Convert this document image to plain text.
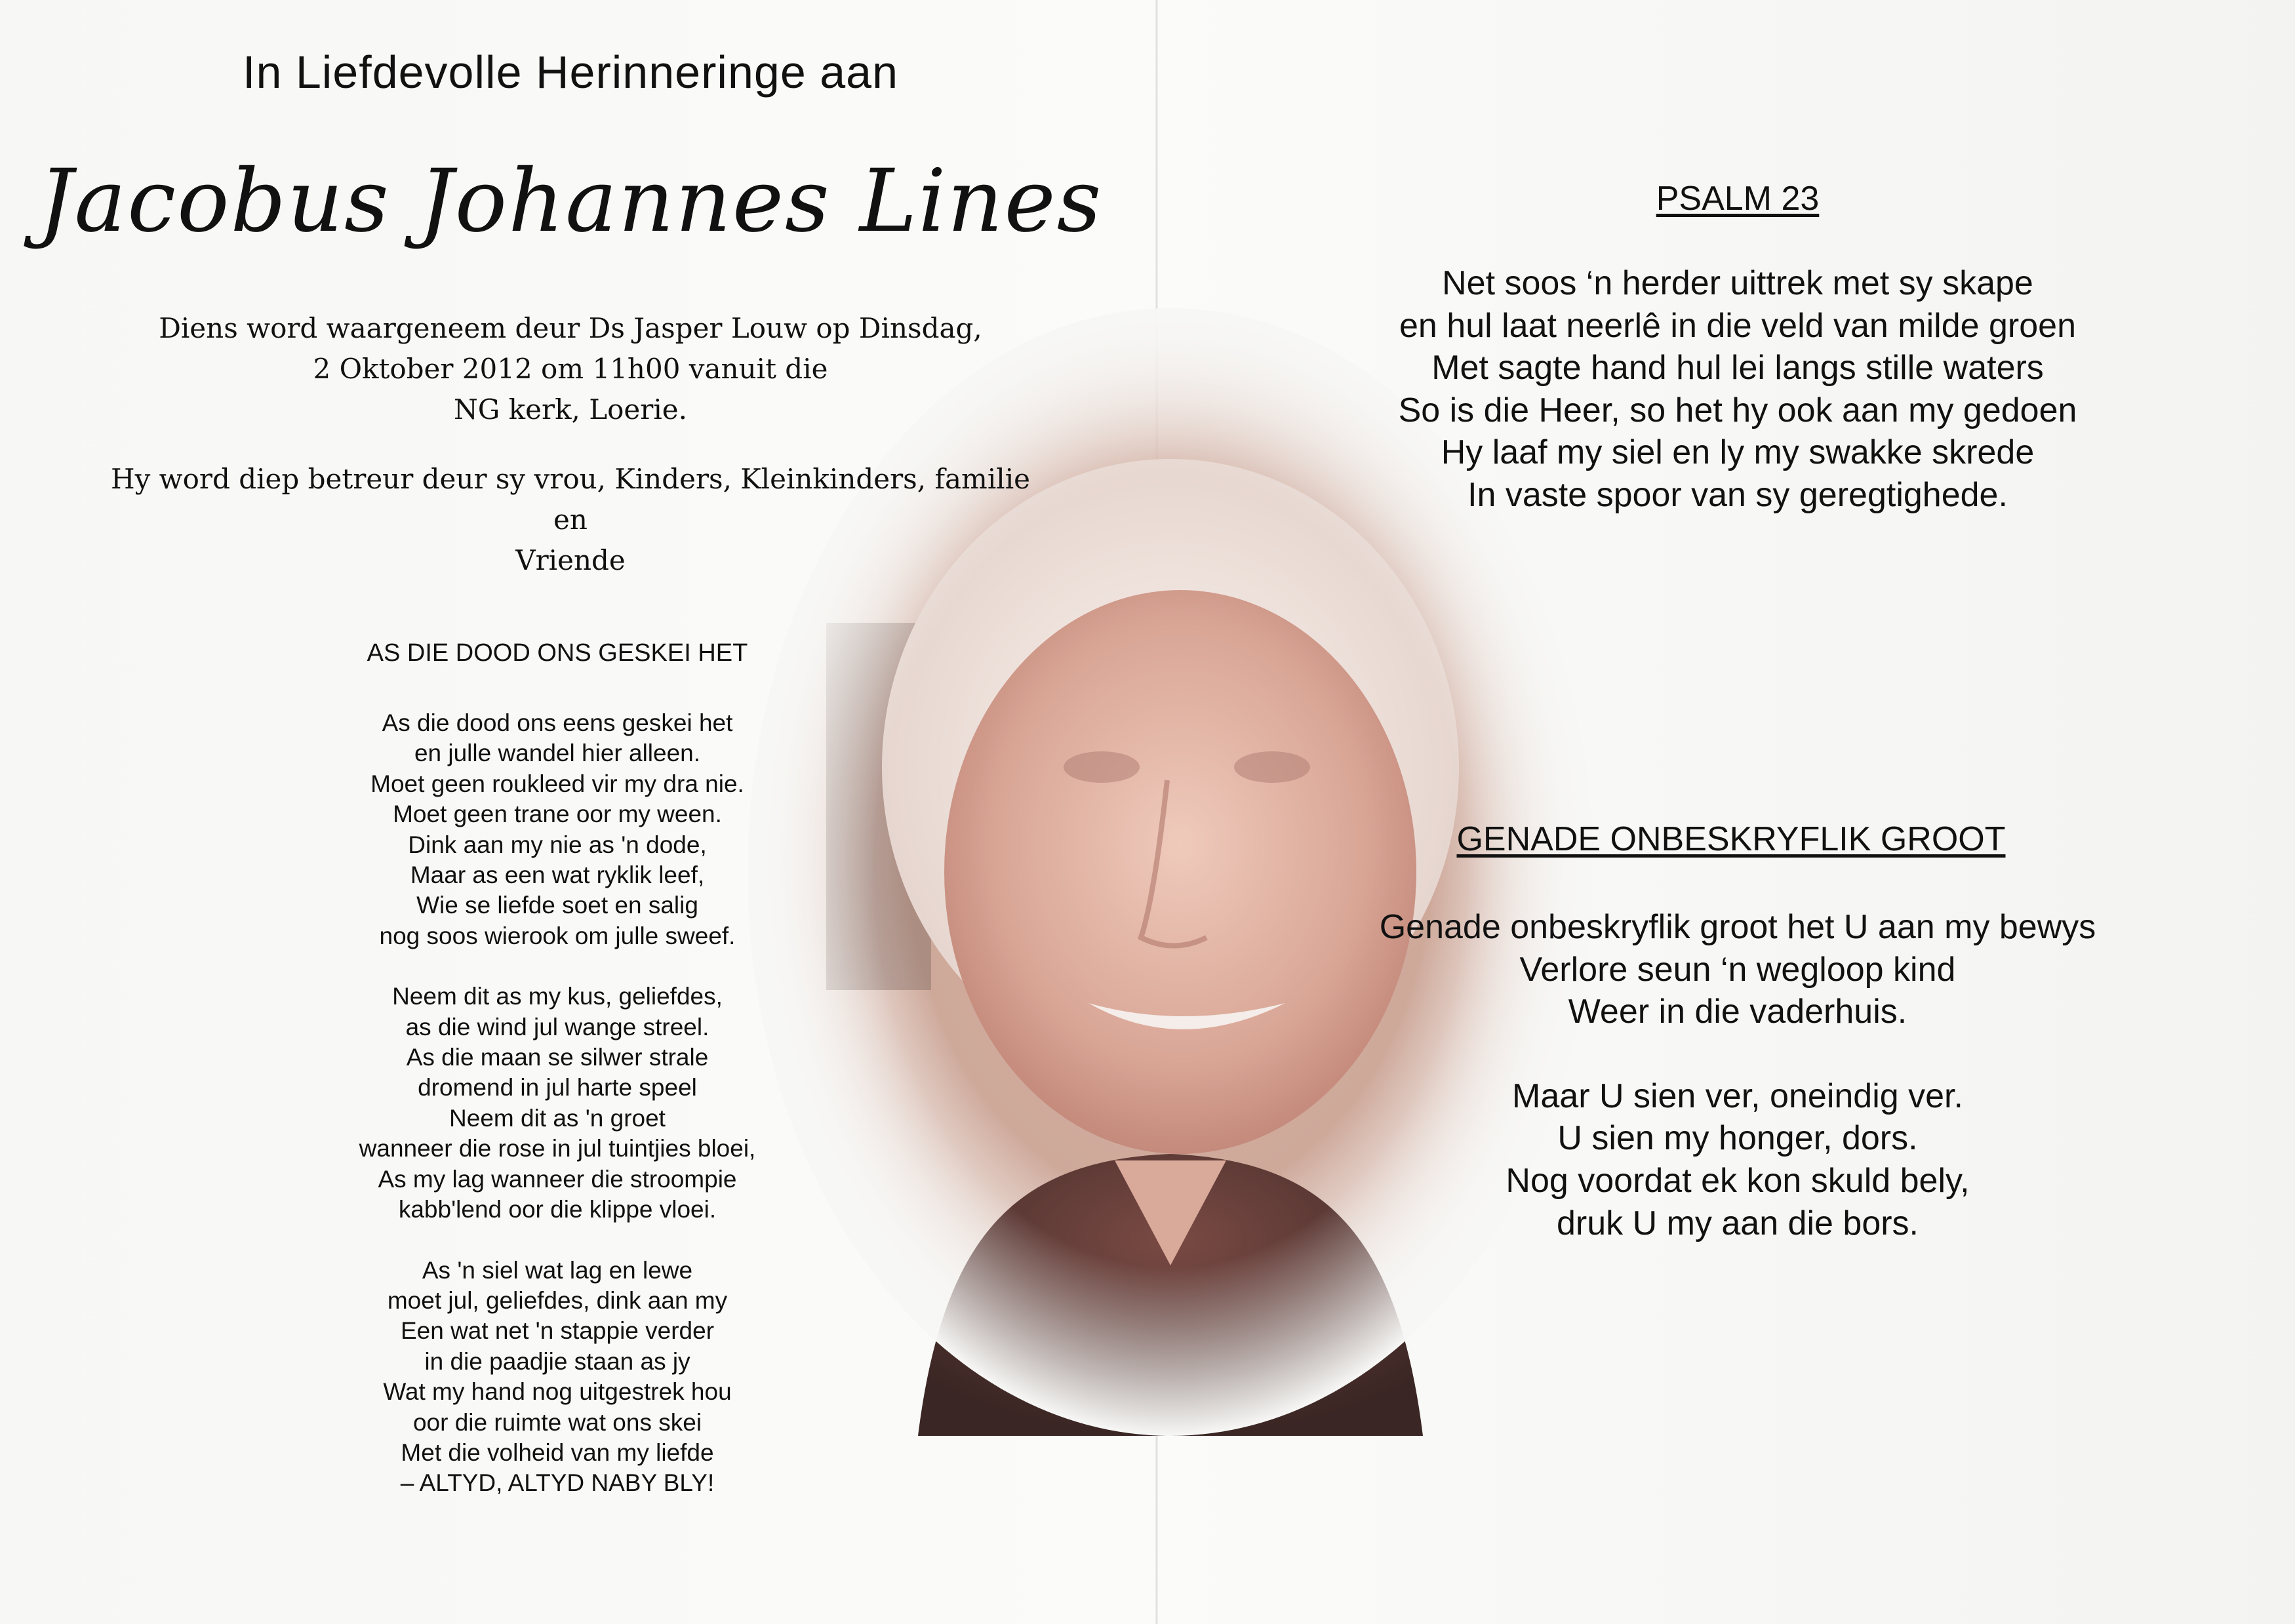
In Liefdevolle Herinneringe aan
Jacobus Johannes Lines
Diens word waargeneem deur Ds Jasper Louw op Dinsdag,
2 Oktober 2012 om 11h00 vanuit die
NG kerk, Loerie.
Hy word diep betreur deur sy vrou, Kinders, Kleinkinders, familie en
Vriende
AS DIE DOOD ONS GESKEI HET
As die dood ons eens geskei het
en julle wandel hier alleen.
Moet geen roukleed vir my dra nie.
Moet geen trane oor my ween.
Dink aan my nie as 'n dode,
Maar as een wat ryklik leef,
Wie se liefde soet en salig
nog soos wierook om julle sweef.
Neem dit as my kus, geliefdes,
as die wind jul wange streel.
As die maan se silwer strale
dromend in jul harte speel
Neem dit as 'n groet
wanneer die rose in jul tuintjies bloei,
As my lag wanneer die stroompie
kabb'lend oor die klippe vloei.
As 'n siel wat lag en lewe
moet jul, geliefdes, dink aan my
Een wat net 'n stappie verder
in die paadjie staan as jy
Wat my hand nog uitgestrek hou
oor die ruimte wat ons skei
Met die volheid van my liefde
– ALTYD, ALTYD NABY BLY!
PSALM 23
Net soos ‘n herder uittrek met sy skape
en hul laat neerlê in die veld van milde groen
Met sagte hand hul lei langs stille waters
So is die Heer, so het hy ook aan my gedoen
Hy laaf my siel en ly my swakke skrede
In vaste spoor van sy geregtighede.
GENADE ONBESKRYFLIK GROOT
Genade onbeskryflik groot het U aan my bewys
Verlore seun ‘n wegloop kind
Weer in die vaderhuis.
Maar U sien ver, oneindig ver.
U sien my honger, dors.
Nog voordat ek kon skuld bely,
druk U my aan die bors.
